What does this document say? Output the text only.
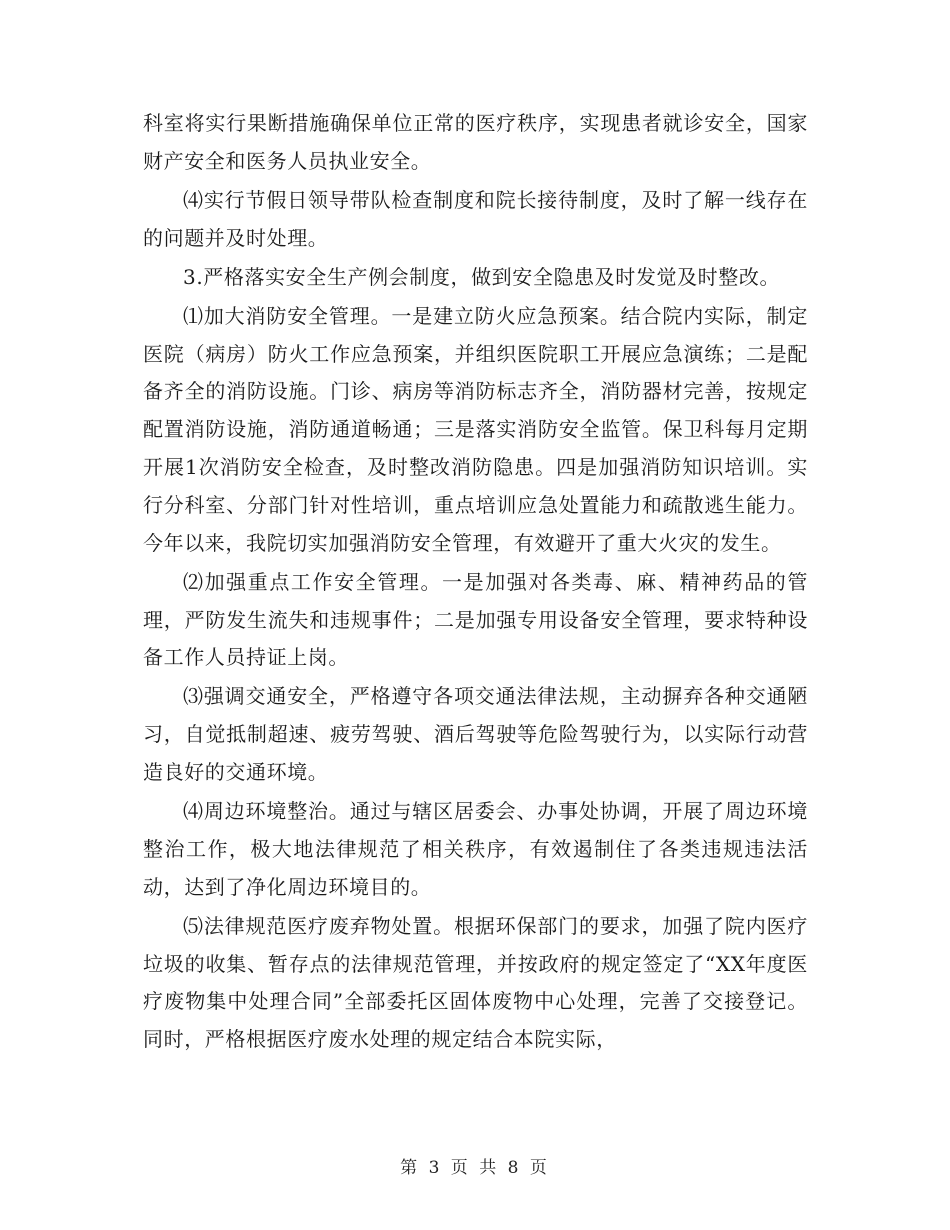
科室将实行果断措施确保单位正常的医疗秩序，实现患者就诊安全，国家财产安全和医务人员执业安全。

⑷实行节假日领导带队检查制度和院长接待制度，及时了解一线存在的问题并及时处理。

3.严格落实安全生产例会制度，做到安全隐患及时发觉及时整改。

⑴加大消防安全管理。一是建立防火应急预案。结合院内实际，制定医院（病房）防火工作应急预案，并组织医院职工开展应急演练；二是配备齐全的消防设施。门诊、病房等消防标志齐全，消防器材完善，按规定配置消防设施，消防通道畅通；三是落实消防安全监管。保卫科每月定期开展1次消防安全检查，及时整改消防隐患。四是加强消防知识培训。实行分科室、分部门针对性培训，重点培训应急处置能力和疏散逃生能力。今年以来，我院切实加强消防安全管理，有效避开了重大火灾的发生。

⑵加强重点工作安全管理。一是加强对各类毒、麻、精神药品的管理，严防发生流失和违规事件；二是加强专用设备安全管理，要求特种设备工作人员持证上岗。

⑶强调交通安全，严格遵守各项交通法律法规，主动摒弃各种交通陋习，自觉抵制超速、疲劳驾驶、酒后驾驶等危险驾驶行为，以实际行动营造良好的交通环境。

⑷周边环境整治。通过与辖区居委会、办事处协调，开展了周边环境整治工作，极大地法律规范了相关秩序，有效遏制住了各类违规违法活动，达到了净化周边环境目的。

⑸法律规范医疗废弃物处置。根据环保部门的要求，加强了院内医疗垃圾的收集、暂存点的法律规范管理，并按政府的规定签定了“XX年度医疗废物集中处理合同”全部委托区固体废物中心处理，完善了交接登记。同时，严格根据医疗废水处理的规定结合本院实际，

第 3 页 共 8 页
